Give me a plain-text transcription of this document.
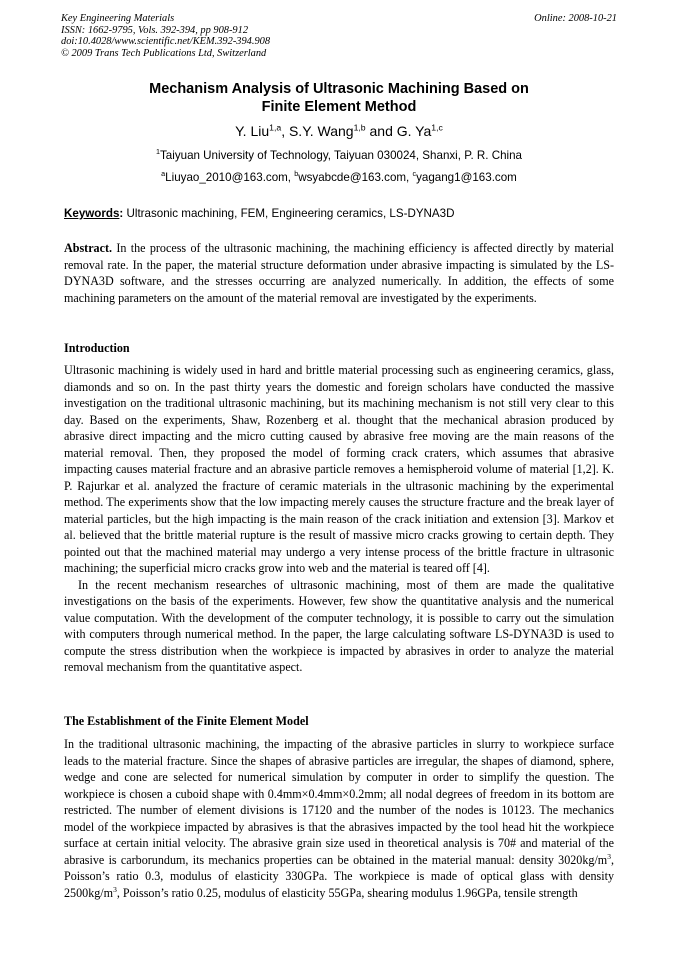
Key Engineering Materials
ISSN: 1662-9795, Vols. 392-394, pp 908-912
doi:10.4028/www.scientific.net/KEM.392-394.908
© 2009 Trans Tech Publications Ltd, Switzerland
Online: 2008-10-21
Mechanism Analysis of Ultrasonic Machining Based on
Finite Element Method
Y. Liu$^{1,a}$, S.Y. Wang$^{1,b}$ and G. Ya$^{1,c}$
$^1$Taiyuan University of Technology, Taiyuan 030024, Shanxi, P. R. China
$^a$Liuyao_2010@163.com, $^b$wsyabcde@163.com, $^c$yagang1@163.com
Keywords: Ultrasonic machining, FEM, Engineering ceramics, LS-DYNA3D

Abstract. In the process of the ultrasonic machining, the machining efficiency is affected directly by material removal rate. In the paper, the material structure deformation under abrasive impacting is simulated by the LS-DYNA3D software, and the stresses occurring are analyzed numerically. In addition, the effects of some machining parameters on the amount of the material removal are investigated by the experiments.

Introduction

Ultrasonic machining is widely used in hard and brittle material processing such as engineering ceramics, glass, diamonds and so on. In the past thirty years the domestic and foreign scholars have conducted the massive investigation on the traditional ultrasonic machining, but its machining mechanism is not still very clear to this day. Based on the experiments, Shaw, Rozenberg et al. thought that the mechanical abrasion produced by abrasive direct impacting and the micro cutting caused by abrasive free moving are the main reasons of the material removal. Then, they proposed the model of forming crack craters, which assumes that abrasive impacting causes material fracture and an abrasive particle removes a hemispheroid volume of material [1,2]. K. P. Rajurkar et al. analyzed the fracture of ceramic materials in the ultrasonic machining by the experimental method. The experiments show that the low impacting merely causes the structure fracture and the break layer of material particles, but the high impacting is the main reason of the crack initiation and extension [3]. Markov et al. believed that the brittle material rupture is the result of massive micro cracks growing to certain depth. They pointed out that the machined material may undergo a very intense process of the brittle fracture in ultrasonic machining; the superficial micro cracks grow into web and the material is teared off [4].

In the recent mechanism researches of ultrasonic machining, most of them are made the qualitative investigations on the basis of the experiments. However, few show the quantitative analysis and the numerical value computation. With the development of the computer technology, it is possible to carry out the simulation with computers through numerical method. In the paper, the large calculating software LS-DYNA3D is used to compute the stress distribution when the workpiece is impacted by abrasives in order to analyze the material removal mechanism from the quantitative aspect.

The Establishment of the Finite Element Model

In the traditional ultrasonic machining, the impacting of the abrasive particles in slurry to workpiece surface leads to the material fracture. Since the shapes of abrasive particles are irregular, the shapes of diamond, sphere, wedge and cone are selected for numerical simulation by computer in order to simplify the question. The workpiece is chosen a cuboid shape with 0.4mm×0.4mm×0.2mm; all nodal degrees of freedom in its bottom are restricted. The number of element divisions is 17120 and the number of the nodes is 10123. The mechanics model of the workpiece impacted by abrasives is that the abrasives impacted by the tool head hit the workpiece surface at certain initial velocity. The abrasive grain size used in theoretical analysis is 70# and material of the abrasive is carborundum, its mechanics properties can be obtained in the material manual: density $3020kg/m^3$, Poisson’s ratio 0.3, modulus of elasticity 330GPa. The workpiece is made of optical glass with density $2500kg/m^3$, Poisson’s ratio 0.25, modulus of elasticity 55GPa, shearing modulus 1.96GPa, tensile strength
